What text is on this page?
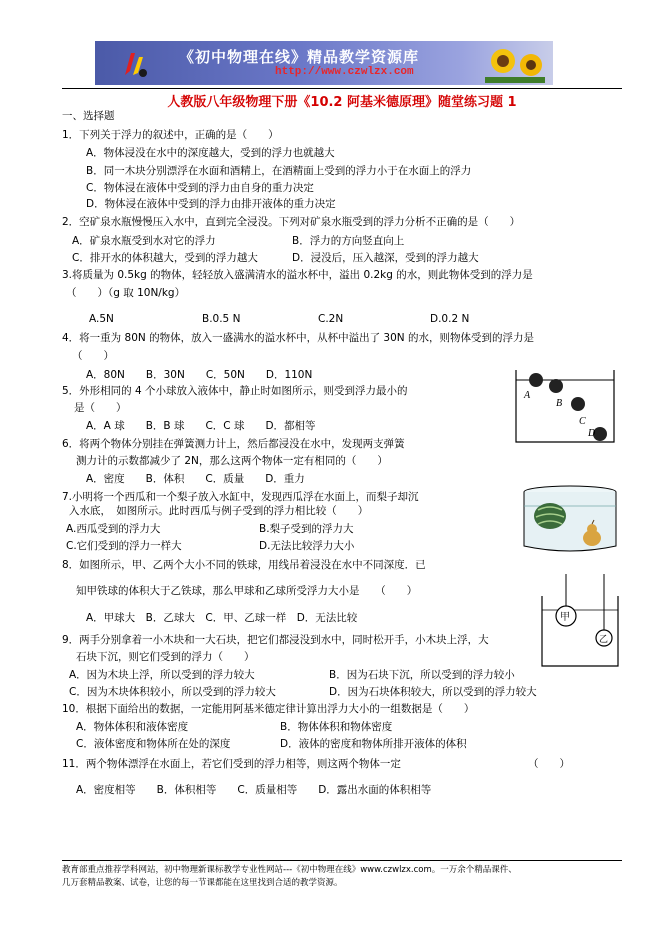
《初中物理在线》精品教学资源库
http://www.czwlzx.com
人教版八年级物理下册《10.2 阿基米德原理》随堂练习题 1
一、选择题
1．下列关于浮力的叙述中，正确的是（　　）
A．物体浸没在水中的深度越大，受到的浮力也就越大
B．同一木块分别漂浮在水面和酒精上，在酒精面上受到的浮力小于在水面上的浮力
C．物体浸在液体中受到的浮力由自身的重力决定
D．物体浸在液体中受到的浮力由排开液体的重力决定
2．空矿泉水瓶慢慢压入水中，直到完全浸没。下列对矿泉水瓶受到的浮力分析不正确的是（　　）
A．矿泉水瓶受到水对它的浮力	B．浮力的方向竖直向上
C．排开水的体积越大，受到的浮力越大	D．浸没后，压入越深，受到的浮力越大
3.将质量为 0.5kg 的物体，轻轻放入盛满清水的溢水杯中，溢出 0.2kg 的水，则此物体受到的浮力是
（　　）（g 取 10N/kg）
A.5N	B.0.5 N	C.2N	D.0.2 N
4．将一重为 80N 的物体，放入一盛满水的溢水杯中，从杯中溢出了 30N 的水，则物体受到的浮力是
（　　）
A．80N　　B．30N　　C．50N　　D．110N
5．外形相同的 4 个小球放入液体中，静止时如图所示，则受到浮力最小的
是（　　）
A．A 球　　B．B 球　　C．C 球　　D．都相等
A
B
C
D
6．将两个物体分别挂在弹簧测力计上，然后都浸没在水中，发现两支弹簧
测力计的示数都减少了 2N，那么这两个物体一定有相同的（　　）
A．密度　　B．体积　　C．质量　　D．重力
7.小明将一个西瓜和一个梨子放入水缸中，发现西瓜浮在水面上，而梨子却沉
入水底，　如图所示。此时西瓜与例子受到的浮力相比较（　　）
A.西瓜受到的浮力大	B.梨子受到的浮力大
C.它们受到的浮力一样大	D.无法比较浮力大小
8．如图所示，甲、乙两个大小不同的铁球，用线吊着浸没在水中不同深度．已
知甲铁球的体积大于乙铁球，那么甲球和乙球所受浮力大小是　　（　　）
A．甲球大　B．乙球大　C．甲、乙球一样　D．无法比较	甲
乙
9．两手分别拿着一小木块和一大石块，把它们都浸没到水中，同时松开手，小木块上浮，大
石块下沉，则它们受到的浮力（　　）
A．因为木块上浮，所以受到的浮力较大	B．因为石块下沉，所以受到的浮力较小
C．因为木块体积较小，所以受到的浮力较大	D．因为石块体积较大，所以受到的浮力较大
10．根据下面给出的数据，一定能用阿基米德定律计算出浮力大小的一组数据是（　　）
A．物体体积和液体密度	B．物体体积和物体密度
C．液体密度和物体所在处的深度	D．液体的密度和物体所排开液体的体积
11．两个物体漂浮在水面上，若它们受到的浮力相等，则这两个物体一定	（　　）
A．密度相等　　B．体积相等　　C．质量相等　　D．露出水面的体积相等
教育部重点推荐学科网站，初中物理新课标教学专业性网站---《初中物理在线》www.czwlzx.com。一万余个精品课件、
几万套精品教案、试卷，让您的每一节课都能在这里找到合适的教学资源。
